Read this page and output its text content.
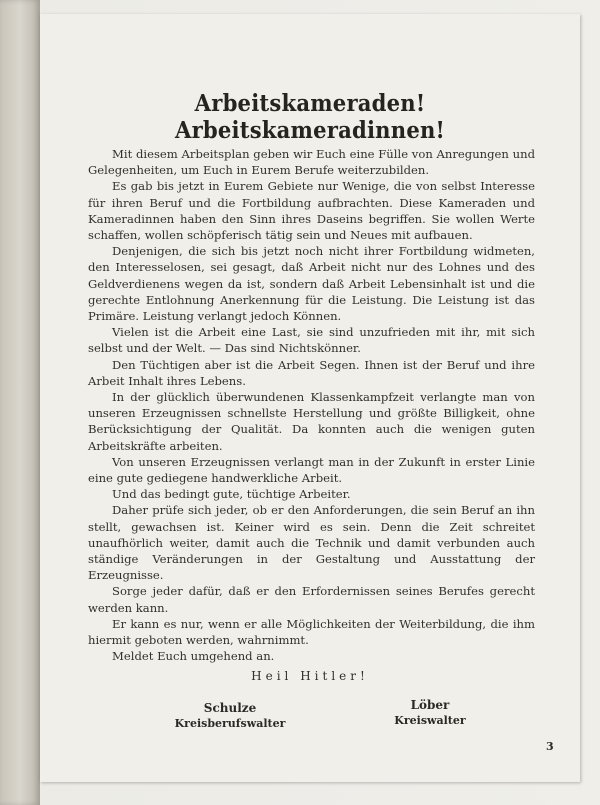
Arbeitskameraden! Arbeitskameradinnen!

Mit diesem Arbeitsplan geben wir Euch eine Fülle von Anregungen und Gelegenheiten, um Euch in Eurem Berufe weiterzubilden.

Es gab bis jetzt in Eurem Gebiete nur Wenige, die von selbst Interesse für ihren Beruf und die Fortbildung aufbrachten. Diese Kameraden und Kameradinnen haben den Sinn ihres Daseins begriffen. Sie wollen Werte schaffen, wollen schöpferisch tätig sein und Neues mit aufbauen.

Denjenigen, die sich bis jetzt noch nicht ihrer Fortbildung widmeten, den Interesselosen, sei gesagt, daß Arbeit nicht nur des Lohnes und des Geldverdienens wegen da ist, sondern daß Arbeit Lebensinhalt ist und die gerechte Entlohnung Anerkennung für die Leistung. Die Leistung ist das Primäre. Leistung verlangt jedoch Können.

Vielen ist die Arbeit eine Last, sie sind unzufrieden mit ihr, mit sich selbst und der Welt. — Das sind Nichtskönner.

Den Tüchtigen aber ist die Arbeit Segen. Ihnen ist der Beruf und ihre Arbeit Inhalt ihres Lebens.

In der glücklich überwundenen Klassenkampfzeit verlangte man von unseren Erzeugnissen schnellste Herstellung und größte Billigkeit, ohne Berücksichtigung der Qualität. Da konnten auch die wenigen guten Arbeitskräfte arbeiten.

Von unseren Erzeugnissen verlangt man in der Zukunft in erster Linie eine gute gediegene handwerkliche Arbeit.

Und das bedingt gute, tüchtige Arbeiter.

Daher prüfe sich jeder, ob er den Anforderungen, die sein Beruf an ihn stellt, gewachsen ist. Keiner wird es sein. Denn die Zeit schreitet unaufhörlich weiter, damit auch die Technik und damit verbunden auch ständige Veränderungen in der Gestaltung und Ausstattung der Erzeugnisse.

Sorge jeder dafür, daß er den Erfordernissen seines Berufes gerecht werden kann.

Er kann es nur, wenn er alle Möglichkeiten der Weiterbildung, die ihm hiermit geboten werden, wahrnimmt.

Meldet Euch umgehend an.

Heil Hitler!
Schulze
Kreisberufswalter
Löber
Kreiswalter
3
